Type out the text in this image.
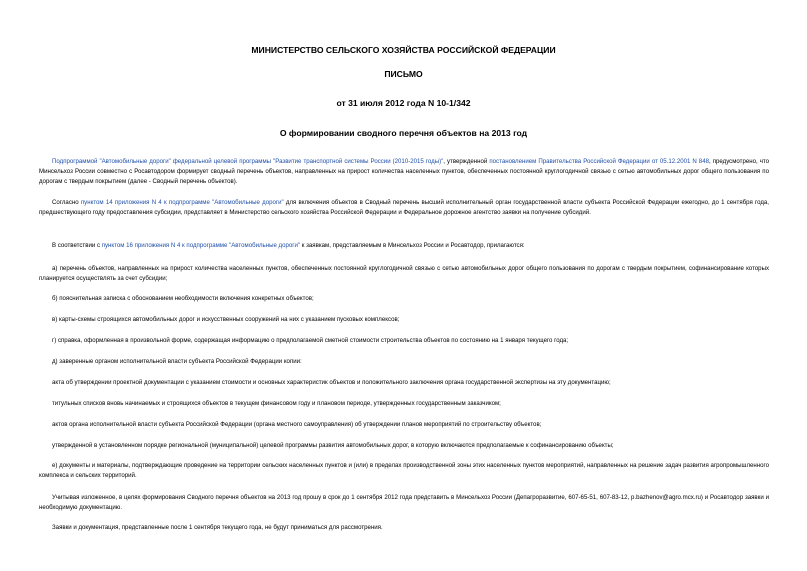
МИНИСТЕРСТВО СЕЛЬСКОГО ХОЗЯЙСТВА РОССИЙСКОЙ ФЕДЕРАЦИИ
ПИСЬМО
от 31 июля 2012 года N 10-1/342
О формировании сводного перечня объектов на 2013 год

Подпрограммой "Автомобильные дороги" федеральной целевой программы "Развитие транспортной системы России (2010-2015 годы)", утвержденной постановлением Правительства Российской Федерации от 05.12.2001 N 848, предусмотрено, что Минсельхоз России совместно с Росавтодором формирует сводный перечень объектов, направленных на прирост количества населенных пунктов, обеспеченных постоянной круглогодичной связью с сетью автомобильных дорог общего пользования по дорогам с твердым покрытием (далее - Сводный перечень объектов).

Согласно пунктом 14 приложения N 4 к подпрограмме "Автомобильные дороги" для включения объектов в Сводный перечень высший исполнительный орган государственной власти субъекта Российской Федерации ежегодно, до 1 сентября года, предшествующего году предоставления субсидии, представляет в Министерство сельского хозяйства Российской Федерации и Федеральное дорожное агентство заявки на получение субсидий.

В соответствии с пунктом 16 приложения N 4 к подпрограмме "Автомобильные дороги" к заявкам, представляемым в Минсельхоз России и Росавтодор, прилагаются:

а) перечень объектов, направленных на прирост количества населенных пунктов, обеспеченных постоянной круглогодичной связью с сетью автомобильных дорог общего пользования по дорогам с твердым покрытием, софинансирование которых планируется осуществлять за счет субсидии;

б) пояснительная записка с обоснованием необходимости включения конкретных объектов;

в) карты-схемы строящихся автомобильных дорог и искусственных сооружений на них с указанием пусковых комплексов;

г) справка, оформленная в произвольной форме, содержащая информацию о предполагаемой сметной стоимости строительства объектов по состоянию на 1 января текущего года;

д) заверенные органом исполнительной власти субъекта Российской Федерации копии:

акта об утверждении проектной документации с указанием стоимости и основных характеристик объектов и положительного заключения органа государственной экспертизы на эту документацию;

титульных списков вновь начинаемых и строящихся объектов в текущем финансовом году и плановом периоде, утвержденных государственным заказчиком;

актов органа исполнительной власти субъекта Российской Федерации (органа местного самоуправления) об утверждении планов мероприятий по строительству объектов;

утвержденной в установленном порядке региональной (муниципальной) целевой программы развития автомобильных дорог, в которую включаются предполагаемые к софинансированию объекты;

е) документы и материалы, подтверждающие проведение на территории сельских населенных пунктов и (или) в пределах производственной зоны этих населенных пунктов мероприятий, направленных на решение задач развития агропромышленного комплекса и сельских территорий.

Учитывая изложенное, в целях формирования Сводного перечня объектов на 2013 год прошу в срок до 1 сентября 2012 года представить в Минсельхоз России (Депагроразвитие, 607-65-51, 607-83-12, p.bazhenov@agro.mcx.ru) и Росавтодор заявки и необходимую документацию.

Заявки и документация, представленные после 1 сентября текущего года, не будут приниматься для рассмотрения.
